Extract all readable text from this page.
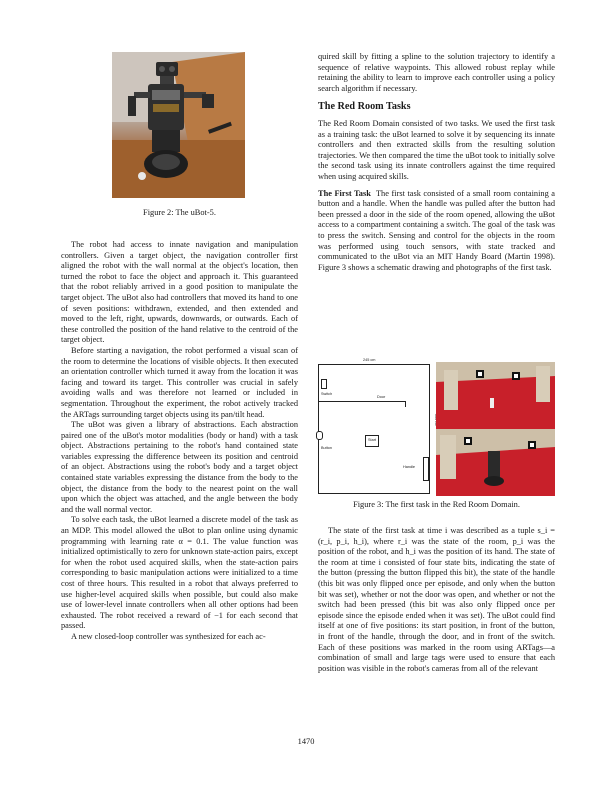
Figure 2: The uBot-5.

The robot had access to innate navigation and manipulation controllers. Given a target object, the navigation controller first aligned the robot with the wall normal at the object's location, then turned the robot to face the object and approach it. This guaranteed that the robot reliably arrived in a good position to manipulate the target object. The uBot also had controllers that moved its hand to one of seven positions: withdrawn, extended, and then extended and moved to the left, right, upwards, downwards, or outwards. Each of these controlled the position of the hand relative to the centroid of the target object.

Before starting a navigation, the robot performed a visual scan of the room to determine the locations of visible objects. It then executed an orientation controller which turned it away from the location it was facing and toward its target. This controller was crucial in safely avoiding walls and was therefore not learned or included in segmentation. Throughout the experiment, the robot actively tracked the ARTags surrounding target objects using its pan/tilt head.

The uBot was given a library of abstractions. Each abstraction paired one of the uBot's motor modalities (body or hand) with a task object. Abstractions pertaining to the robot's hand contained state variables expressing the difference between its position and centroid of an object. Abstractions using the robot's body and a target object contained state variables expressing the distance from the body to the object, the distance from the body to the nearest point on the wall upon which the object was attached, and the angle between the body and the wall normal vector.

To solve each task, the uBot learned a discrete model of the task as an MDP. This model allowed the uBot to plan online using dynamic programming with learning rate α = 0.1. The value function was initialized optimistically to zero for unknown state-action pairs, except for when the robot used acquired skills, when the state-action pairs corresponding to basic manipulation actions were initialized to a time cost of three hours. This resulted in a robot that always preferred to use higher-level acquired skills when possible, but could also make use of lower-level innate controllers when all other options had been exhausted. The robot received a reward of −1 for each second that passed.

A new closed-loop controller was synthesized for each ac-

quired skill by fitting a spline to the solution trajectory to identify a sequence of relative waypoints. This allowed robust replay while retaining the ability to learn to improve each controller using a policy search algorithm if necessary.

The Red Room Tasks

The Red Room Domain consisted of two tasks. We used the first task as a training task: the uBot learned to solve it by sequencing its innate controllers and then extracted skills from the resulting solution trajectories. We then compared the time the uBot took to initially solve the second task using its innate controllers against the time required when using acquired skills.

The First Task The first task consisted of a small room containing a button and a handle. When the handle was pulled after the button had been pressed a door in the side of the room opened, allowing the uBot access to a compartment containing a switch. The goal of the task was to press the switch. Sensing and control for the objects in the room was performed using touch sensors, with state tracked and communicated to the uBot via an MIT Handy Board (Martin 1998). Figure 3 shows a schematic drawing and photographs of the first task.

245 cm
Switch
Door
Button
Start
Handle

Figure 3: The first task in the Red Room Domain.

The state of the first task at time i was described as a tuple s_i = (r_i, p_i, h_i), where r_i was the state of the room, p_i was the position of the robot, and h_i was the position of its hand. The state of the room at time i consisted of four state bits, indicating the state of the button (pressing the button flipped this bit), the state of the handle (this bit was only flipped once per episode, and only when the button bit was set), whether or not the door was open, and whether or not the switch had been pressed (this bit was also only flipped once per episode since the episode ended when it was set). The uBot could find itself at one of five positions: its start position, in front of the button, in front of the handle, through the door, and in front of the switch. Each of these positions was marked in the room using ARTags—a combination of small and large tags were used to ensure that each position was visible in the robot's cameras from all of the relevant

1470
